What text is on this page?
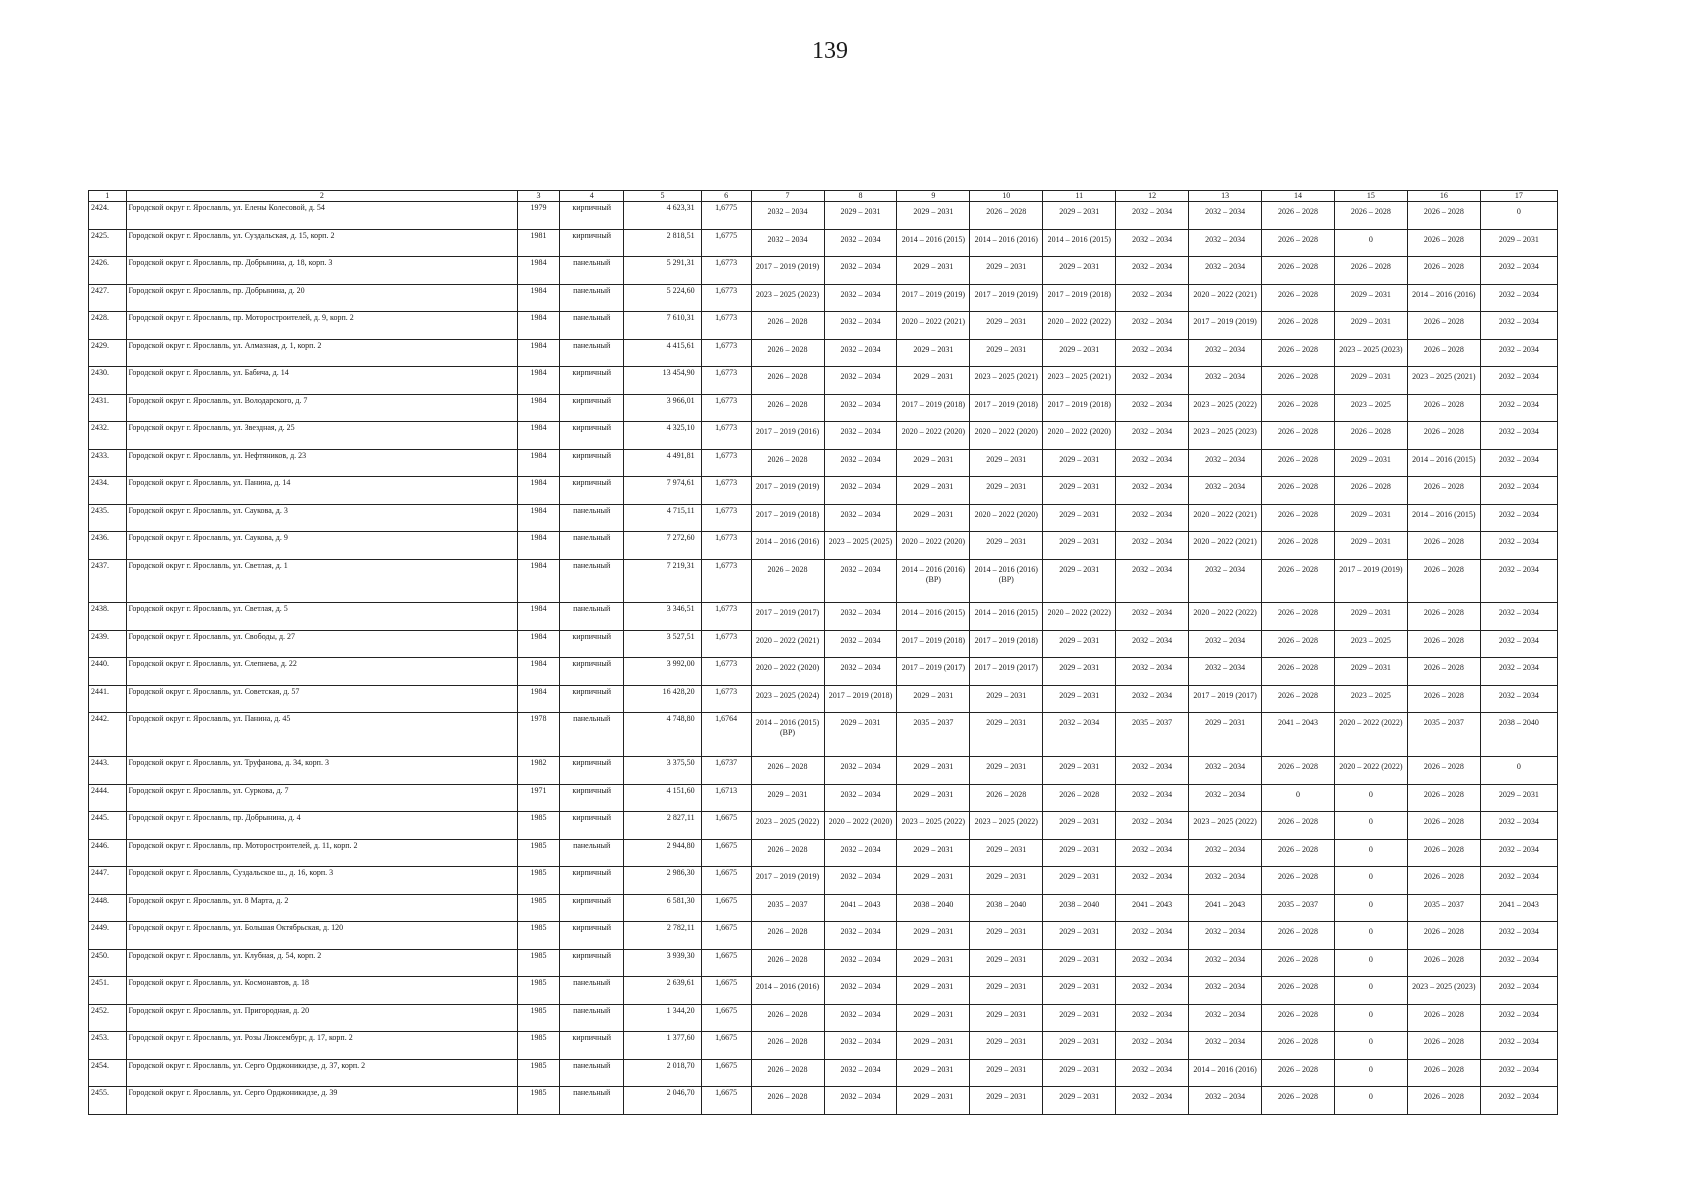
139
1	2	3	4	5	6	7	8	9	10	11	12	13	14	15	16	17
2424.	Городской округ г. Ярославль, ул. Елены Колесовой, д. 54	1979	кирпичный	4 623,31	1,6775	2032 – 2034	2029 – 2031	2029 – 2031	2026 – 2028	2029 – 2031	2032 – 2034	2032 – 2034	2026 – 2028	2026 – 2028	2026 – 2028	0

2425.	Городской округ г. Ярославль, ул. Суздальская, д. 15, корп. 2	1981	кирпичный	2 818,51	1,6775	2032 – 2034	2032 – 2034	2014 – 2016 (2015)	2014 – 2016 (2016)	2014 – 2016 (2015)	2032 – 2034	2032 – 2034	2026 – 2028	0	2026 – 2028	2029 – 2031

2426.	Городской округ г. Ярославль, пр. Добрынина, д. 18, корп. 3	1984	панельный	5 291,31	1,6773	2017 – 2019 (2019)	2032 – 2034	2029 – 2031	2029 – 2031	2029 – 2031	2032 – 2034	2032 – 2034	2026 – 2028	2026 – 2028	2026 – 2028	2032 – 2034

2427.	Городской округ г. Ярославль, пр. Добрынина, д. 20	1984	панельный	5 224,60	1,6773	2023 – 2025 (2023)	2032 – 2034	2017 – 2019 (2019)	2017 – 2019 (2019)	2017 – 2019 (2018)	2032 – 2034	2020 – 2022 (2021)	2026 – 2028	2029 – 2031	2014 – 2016 (2016)	2032 – 2034

2428.	Городской округ г. Ярославль, пр. Моторостроителей, д. 9, корп. 2	1984	панельный	7 610,31	1,6773	2026 – 2028	2032 – 2034	2020 – 2022 (2021)	2029 – 2031	2020 – 2022 (2022)	2032 – 2034	2017 – 2019 (2019)	2026 – 2028	2029 – 2031	2026 – 2028	2032 – 2034

2429.	Городской округ г. Ярославль, ул. Алмазная, д. 1, корп. 2	1984	панельный	4 415,61	1,6773	2026 – 2028	2032 – 2034	2029 – 2031	2029 – 2031	2029 – 2031	2032 – 2034	2032 – 2034	2026 – 2028	2023 – 2025 (2023)	2026 – 2028	2032 – 2034

2430.	Городской округ г. Ярославль, ул. Бабича, д. 14	1984	кирпичный	13 454,90	1,6773	2026 – 2028	2032 – 2034	2029 – 2031	2023 – 2025 (2021)	2023 – 2025 (2021)	2032 – 2034	2032 – 2034	2026 – 2028	2029 – 2031	2023 – 2025 (2021)	2032 – 2034

2431.	Городской округ г. Ярославль, ул. Володарского, д. 7	1984	кирпичный	3 966,01	1,6773	2026 – 2028	2032 – 2034	2017 – 2019 (2018)	2017 – 2019 (2018)	2017 – 2019 (2018)	2032 – 2034	2023 – 2025 (2022)	2026 – 2028	2023 – 2025	2026 – 2028	2032 – 2034

2432.	Городской округ г. Ярославль, ул. Звездная, д. 25	1984	кирпичный	4 325,10	1,6773	2017 – 2019 (2016)	2032 – 2034	2020 – 2022 (2020)	2020 – 2022 (2020)	2020 – 2022 (2020)	2032 – 2034	2023 – 2025 (2023)	2026 – 2028	2026 – 2028	2026 – 2028	2032 – 2034

2433.	Городской округ г. Ярославль, ул. Нефтяников, д. 23	1984	кирпичный	4 491,81	1,6773	2026 – 2028	2032 – 2034	2029 – 2031	2029 – 2031	2029 – 2031	2032 – 2034	2032 – 2034	2026 – 2028	2029 – 2031	2014 – 2016 (2015)	2032 – 2034

2434.	Городской округ г. Ярославль, ул. Панина, д. 14	1984	кирпичный	7 974,61	1,6773	2017 – 2019 (2019)	2032 – 2034	2029 – 2031	2029 – 2031	2029 – 2031	2032 – 2034	2032 – 2034	2026 – 2028	2026 – 2028	2026 – 2028	2032 – 2034

2435.	Городской округ г. Ярославль, ул. Саукова, д. 3	1984	панельный	4 715,11	1,6773	2017 – 2019 (2018)	2032 – 2034	2029 – 2031	2020 – 2022 (2020)	2029 – 2031	2032 – 2034	2020 – 2022 (2021)	2026 – 2028	2029 – 2031	2014 – 2016 (2015)	2032 – 2034

2436.	Городской округ г. Ярославль, ул. Саукова, д. 9	1984	панельный	7 272,60	1,6773	2014 – 2016 (2016)	2023 – 2025 (2025)	2020 – 2022 (2020)	2029 – 2031	2029 – 2031	2032 – 2034	2020 – 2022 (2021)	2026 – 2028	2029 – 2031	2026 – 2028	2032 – 2034

2437.	Городской округ г. Ярославль, ул. Светлая, д. 1	1984	панельный	7 219,31	1,6773	2026 – 2028	2032 – 2034	2014 – 2016 (2016) (ВР)	2014 – 2016 (2016) (ВР)	2029 – 2031	2032 – 2034	2032 – 2034	2026 – 2028	2017 – 2019 (2019)	2026 – 2028	2032 – 2034

2438.	Городской округ г. Ярославль, ул. Светлая, д. 5	1984	панельный	3 346,51	1,6773	2017 – 2019 (2017)	2032 – 2034	2014 – 2016 (2015)	2014 – 2016 (2015)	2020 – 2022 (2022)	2032 – 2034	2020 – 2022 (2022)	2026 – 2028	2029 – 2031	2026 – 2028	2032 – 2034

2439.	Городской округ г. Ярославль, ул. Свободы, д. 27	1984	кирпичный	3 527,51	1,6773	2020 – 2022 (2021)	2032 – 2034	2017 – 2019 (2018)	2017 – 2019 (2018)	2029 – 2031	2032 – 2034	2032 – 2034	2026 – 2028	2023 – 2025	2026 – 2028	2032 – 2034

2440.	Городской округ г. Ярославль, ул. Слепнева, д. 22	1984	кирпичный	3 992,00	1,6773	2020 – 2022 (2020)	2032 – 2034	2017 – 2019 (2017)	2017 – 2019 (2017)	2029 – 2031	2032 – 2034	2032 – 2034	2026 – 2028	2029 – 2031	2026 – 2028	2032 – 2034

2441.	Городской округ г. Ярославль, ул. Советская, д. 57	1984	кирпичный	16 428,20	1,6773	2023 – 2025 (2024)	2017 – 2019 (2018)	2029 – 2031	2029 – 2031	2029 – 2031	2032 – 2034	2017 – 2019 (2017)	2026 – 2028	2023 – 2025	2026 – 2028	2032 – 2034

2442.	Городской округ г. Ярославль, ул. Панина, д. 45	1978	панельный	4 748,80	1,6764	2014 – 2016 (2015) (ВР)	2029 – 2031	2035 – 2037	2029 – 2031	2032 – 2034	2035 – 2037	2029 – 2031	2041 – 2043	2020 – 2022 (2022)	2035 – 2037	2038 – 2040

2443.	Городской округ г. Ярославль, ул. Труфанова, д. 34, корп. 3	1982	кирпичный	3 375,50	1,6737	2026 – 2028	2032 – 2034	2029 – 2031	2029 – 2031	2029 – 2031	2032 – 2034	2032 – 2034	2026 – 2028	2020 – 2022 (2022)	2026 – 2028	0

2444.	Городской округ г. Ярославль, ул. Суркова, д. 7	1971	кирпичный	4 151,60	1,6713	2029 – 2031	2032 – 2034	2029 – 2031	2026 – 2028	2026 – 2028	2032 – 2034	2032 – 2034	0	0	2026 – 2028	2029 – 2031

2445.	Городской округ г. Ярославль, пр. Добрынина, д. 4	1985	кирпичный	2 827,11	1,6675	2023 – 2025 (2022)	2020 – 2022 (2020)	2023 – 2025 (2022)	2023 – 2025 (2022)	2029 – 2031	2032 – 2034	2023 – 2025 (2022)	2026 – 2028	0	2026 – 2028	2032 – 2034

2446.	Городской округ г. Ярославль, пр. Моторостроителей, д. 11, корп. 2	1985	панельный	2 944,80	1,6675	2026 – 2028	2032 – 2034	2029 – 2031	2029 – 2031	2029 – 2031	2032 – 2034	2032 – 2034	2026 – 2028	0	2026 – 2028	2032 – 2034

2447.	Городской округ г. Ярославль, Суздальское ш., д. 16, корп. 3	1985	кирпичный	2 986,30	1,6675	2017 – 2019 (2019)	2032 – 2034	2029 – 2031	2029 – 2031	2029 – 2031	2032 – 2034	2032 – 2034	2026 – 2028	0	2026 – 2028	2032 – 2034

2448.	Городской округ г. Ярославль, ул. 8 Марта, д. 2	1985	кирпичный	6 581,30	1,6675	2035 – 2037	2041 – 2043	2038 – 2040	2038 – 2040	2038 – 2040	2041 – 2043	2041 – 2043	2035 – 2037	0	2035 – 2037	2041 – 2043

2449.	Городской округ г. Ярославль, ул. Большая Октябрьская, д. 120	1985	кирпичный	2 782,11	1,6675	2026 – 2028	2032 – 2034	2029 – 2031	2029 – 2031	2029 – 2031	2032 – 2034	2032 – 2034	2026 – 2028	0	2026 – 2028	2032 – 2034

2450.	Городской округ г. Ярославль, ул. Клубная, д. 54, корп. 2	1985	кирпичный	3 939,30	1,6675	2026 – 2028	2032 – 2034	2029 – 2031	2029 – 2031	2029 – 2031	2032 – 2034	2032 – 2034	2026 – 2028	0	2026 – 2028	2032 – 2034

2451.	Городской округ г. Ярославль, ул. Космонавтов, д. 18	1985	панельный	2 639,61	1,6675	2014 – 2016 (2016)	2032 – 2034	2029 – 2031	2029 – 2031	2029 – 2031	2032 – 2034	2032 – 2034	2026 – 2028	0	2023 – 2025 (2023)	2032 – 2034

2452.	Городской округ г. Ярославль, ул. Пригородная, д. 20	1985	панельный	1 344,20	1,6675	2026 – 2028	2032 – 2034	2029 – 2031	2029 – 2031	2029 – 2031	2032 – 2034	2032 – 2034	2026 – 2028	0	2026 – 2028	2032 – 2034

2453.	Городской округ г. Ярославль, ул. Розы Люксембург, д. 17, корп. 2	1985	кирпичный	1 377,60	1,6675	2026 – 2028	2032 – 2034	2029 – 2031	2029 – 2031	2029 – 2031	2032 – 2034	2032 – 2034	2026 – 2028	0	2026 – 2028	2032 – 2034

2454.	Городской округ г. Ярославль, ул. Серго Орджоникидзе, д. 37, корп. 2	1985	панельный	2 018,70	1,6675	2026 – 2028	2032 – 2034	2029 – 2031	2029 – 2031	2029 – 2031	2032 – 2034	2014 – 2016 (2016)	2026 – 2028	0	2026 – 2028	2032 – 2034

2455.	Городской округ г. Ярославль, ул. Серго Орджоникидзе, д. 39	1985	панельный	2 046,70	1,6675	2026 – 2028	2032 – 2034	2029 – 2031	2029 – 2031	2029 – 2031	2032 – 2034	2032 – 2034	2026 – 2028	0	2026 – 2028	2032 – 2034
